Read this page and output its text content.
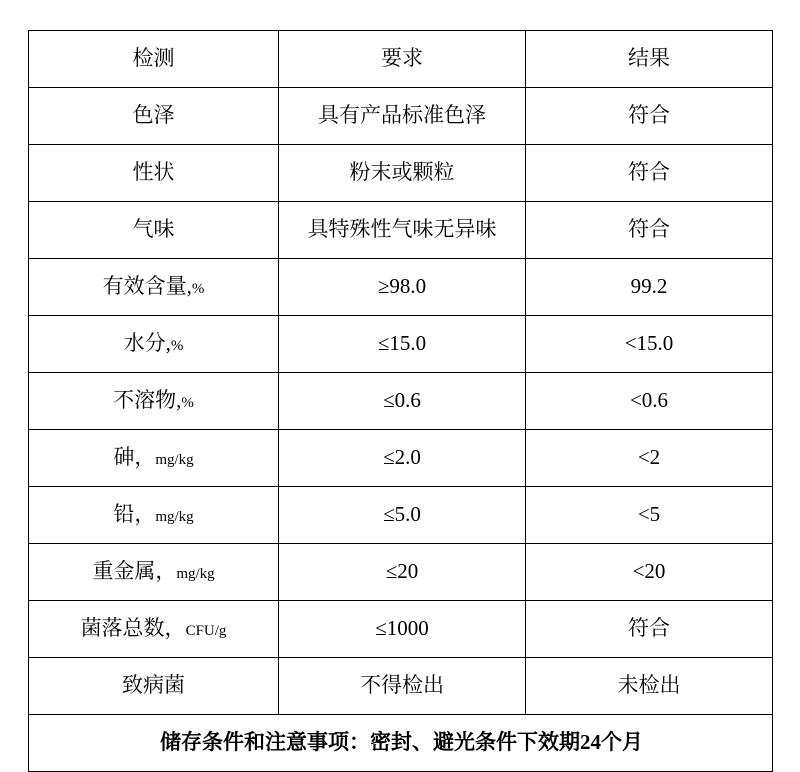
检测	要求	结果

色泽	具有产品标准色泽	符合

性状	粉末或颗粒	符合

气味	具特殊性气味无异味	符合

有效含量,%	≥98.0	99.2

水分,%	≤15.0	<15.0

不溶物,%	≤0.6	<0.6

砷，mg/kg	≤2.0	<2

铅，mg/kg	≤5.0	<5

重金属，mg/kg	≤20	<20

菌落总数，CFU/g	≤1000	符合

致病菌	不得检出	未检出

储存条件和注意事项：密封、避光条件下效期24个月		
